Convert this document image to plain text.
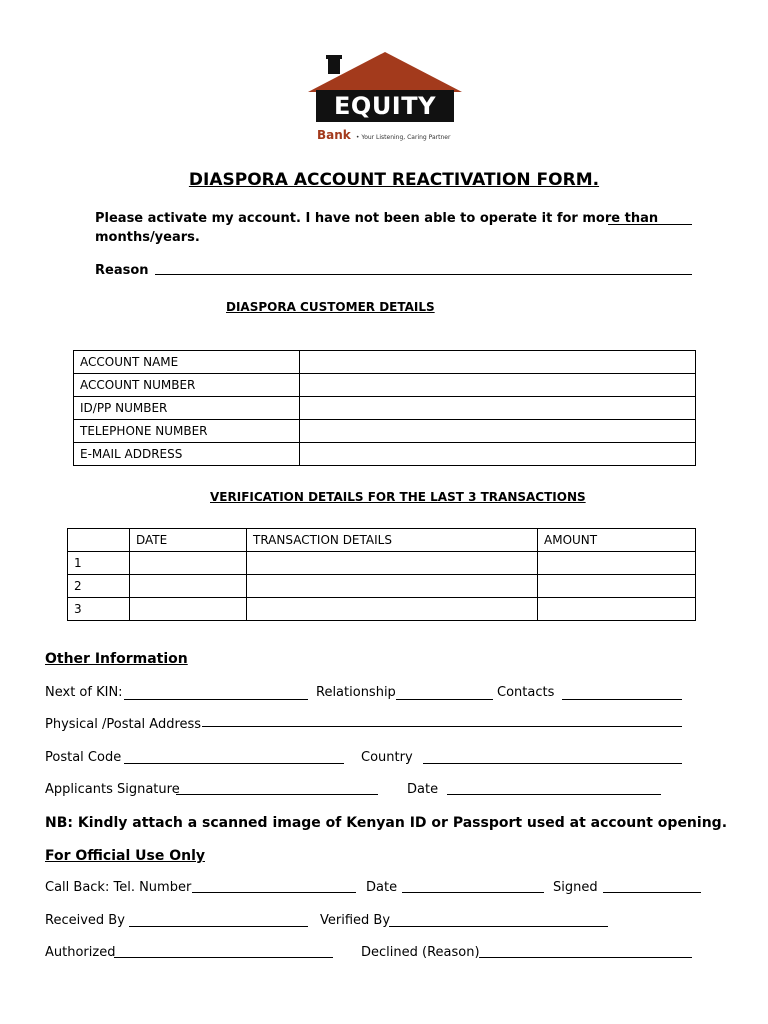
EQUITY
Bank • Your Listening, Caring Partner
DIASPORA ACCOUNT REACTIVATION FORM.
Please activate my account. I have not been able to operate it for more than
months/years.
Reason
DIASPORA CUSTOMER DETAILS
ACCOUNT NAME	
ACCOUNT NUMBER	
ID/PP NUMBER	
TELEPHONE NUMBER	
E-MAIL ADDRESS	
VERIFICATION DETAILS FOR THE LAST 3 TRANSACTIONS
	DATE	TRANSACTION DETAILS	AMOUNT
1			
2			
3			
Other Information
Next of KIN:	Relationship	Contacts
Physical /Postal Address
Postal Code	Country
Applicants Signature	Date
NB: Kindly attach a scanned image of Kenyan ID or Passport used at account opening.
For Official Use Only
Call Back: Tel. Number	Date	Signed
Received By	Verified By
Authorized	Declined (Reason)
